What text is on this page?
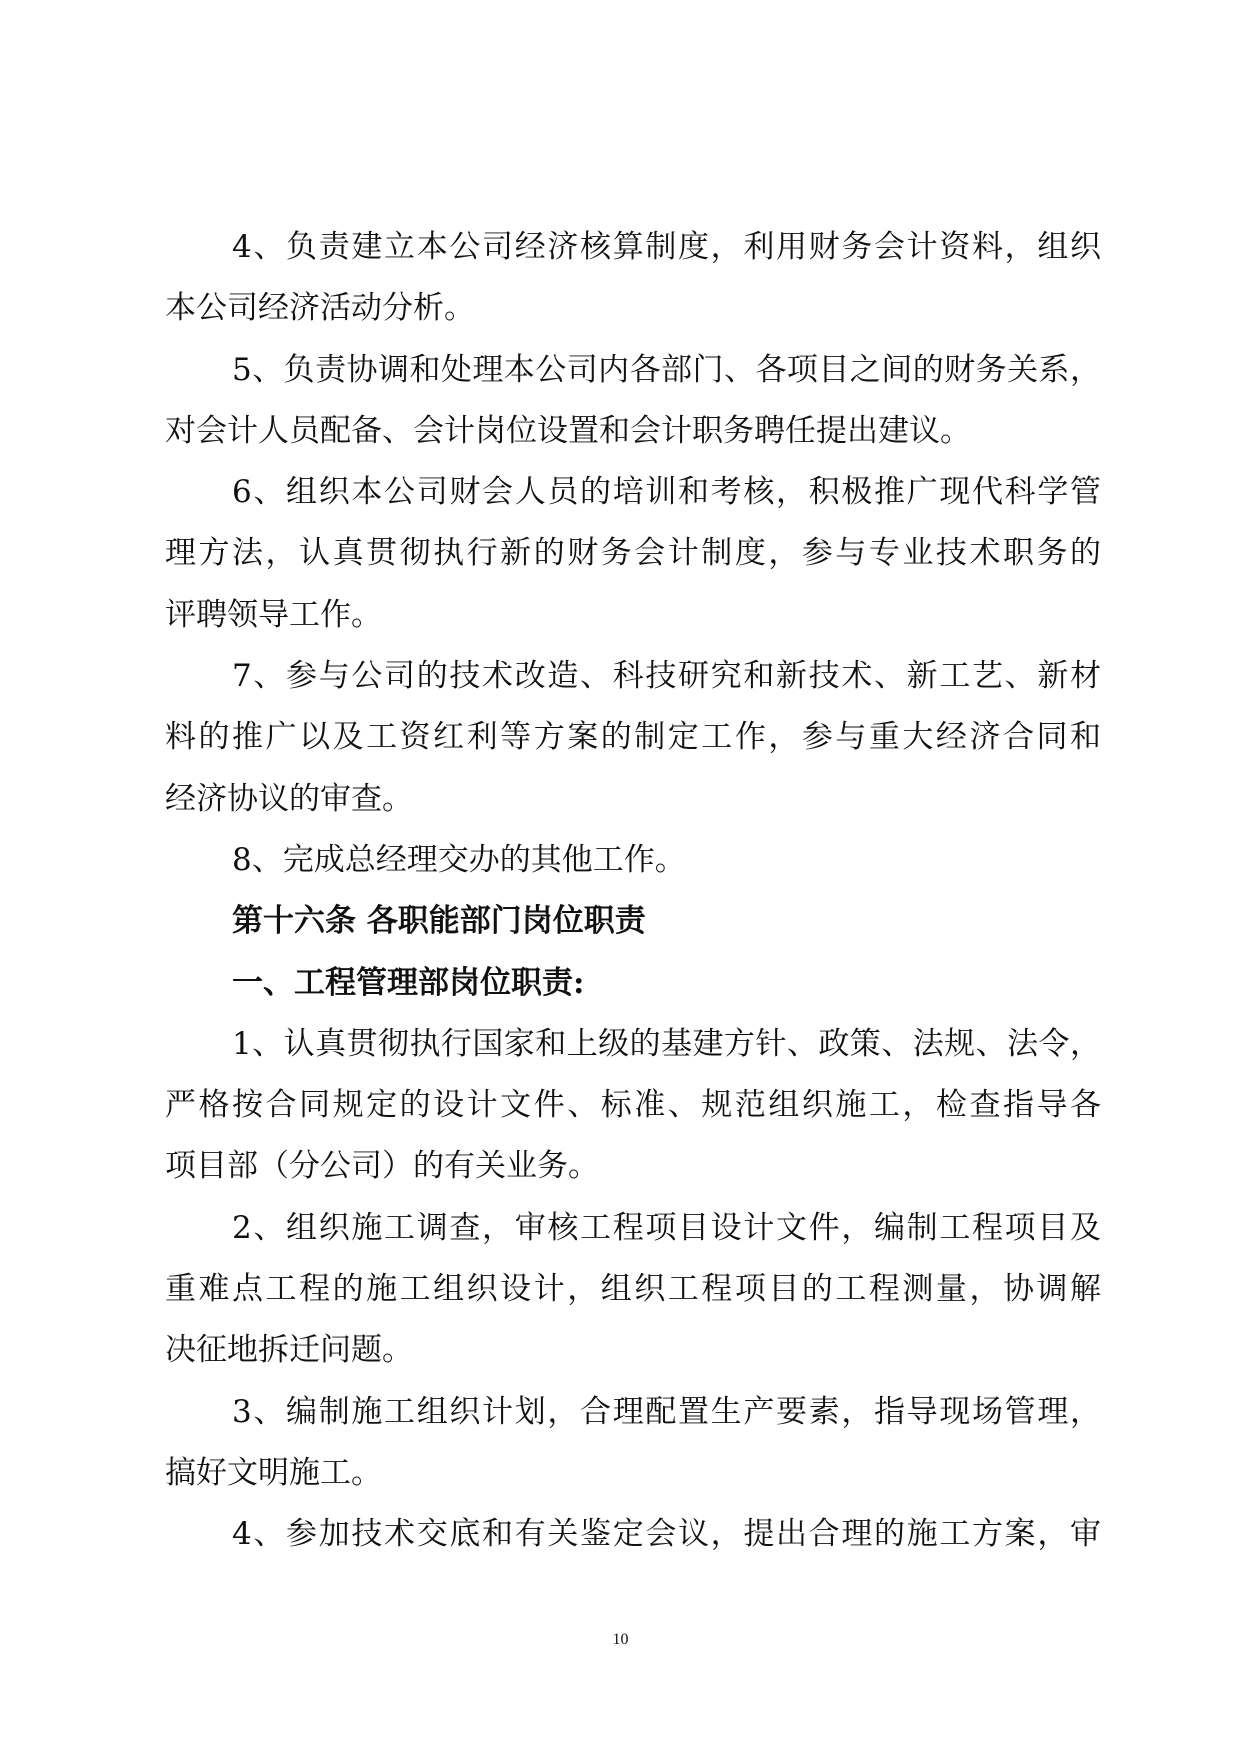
4、负责建立本公司经济核算制度，利用财务会计资料，组织
本公司经济活动分析。
5、负责协调和处理本公司内各部门、各项目之间的财务关系，
对会计人员配备、会计岗位设置和会计职务聘任提出建议。
6、组织本公司财会人员的培训和考核，积极推广现代科学管
理方法，认真贯彻执行新的财务会计制度，参与专业技术职务的
评聘领导工作。
7、参与公司的技术改造、科技研究和新技术、新工艺、新材
料的推广以及工资红利等方案的制定工作，参与重大经济合同和
经济协议的审查。
8、完成总经理交办的其他工作。
第十六条 各职能部门岗位职责
一、工程管理部岗位职责:
1、认真贯彻执行国家和上级的基建方针、政策、法规、法令，
严格按合同规定的设计文件、标准、规范组织施工，检查指导各
项目部（分公司）的有关业务。
2、组织施工调查，审核工程项目设计文件，编制工程项目及
重难点工程的施工组织设计，组织工程项目的工程测量，协调解
决征地拆迁问题。
3、编制施工组织计划，合理配置生产要素，指导现场管理，
搞好文明施工。
4、参加技术交底和有关鉴定会议，提出合理的施工方案，审
10
